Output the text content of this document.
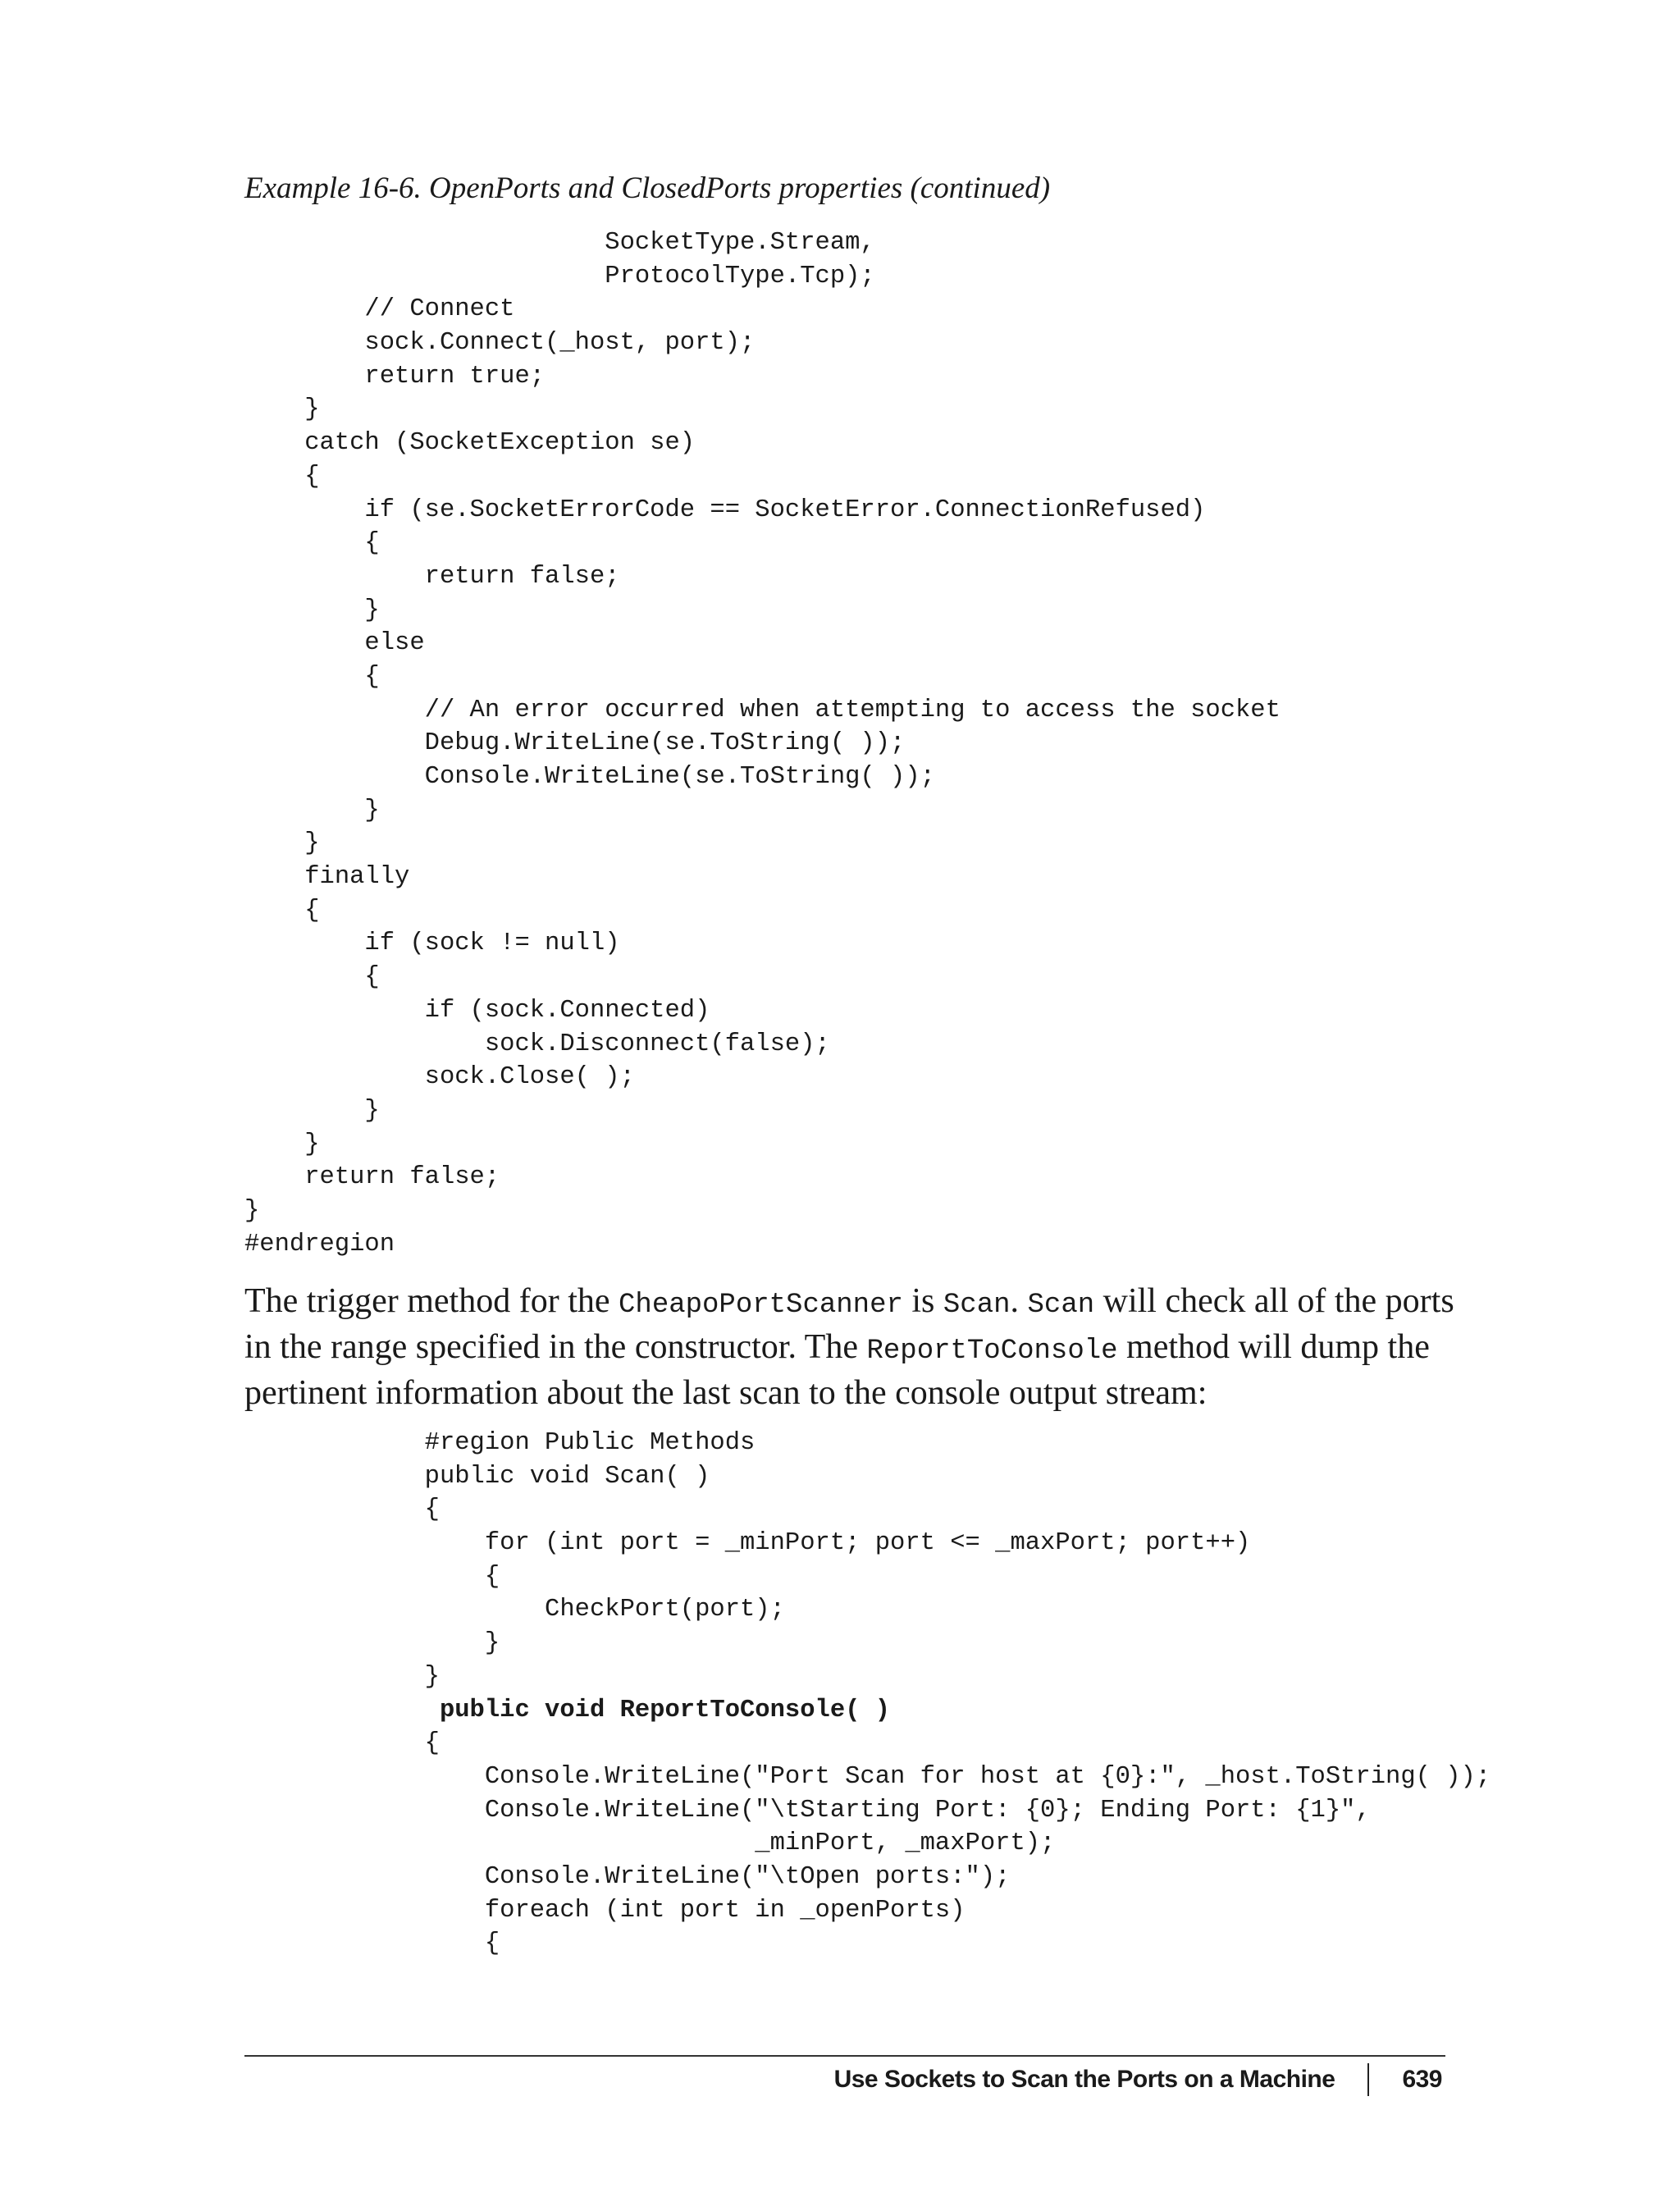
Example 16-6. OpenPorts and ClosedPorts properties (continued)
SocketType.Stream,
ProtocolType.Tcp);
// Connect
sock.Connect(_host, port);
return true;
}
catch (SocketException se)
{
if (se.SocketErrorCode == SocketError.ConnectionRefused)
{
return false;
}
else
{
// An error occurred when attempting to access the socket
Debug.WriteLine(se.ToString( ));
Console.WriteLine(se.ToString( ));
}
}
finally
{
if (sock != null)
{
if (sock.Connected)
sock.Disconnect(false);
sock.Close( );
}
}
return false;
}
#endregion
The trigger method for the CheapoPortScanner is Scan. Scan will check all of the ports
in the range specified in the constructor. The ReportToConsole method will dump the
pertinent information about the last scan to the console output stream:
#region Public Methods
public void Scan( )
{
for (int port = _minPort; port <= _maxPort; port++)
{
CheckPort(port);
}
}
public void ReportToConsole( )
{
Console.WriteLine("Port Scan for host at {0}:", _host.ToString( ));
Console.WriteLine("\tStarting Port: {0}; Ending Port: {1}",
_minPort, _maxPort);
Console.WriteLine("\tOpen ports:");
foreach (int port in _openPorts)
{
Use Sockets to Scan the Ports on a Machine	639
